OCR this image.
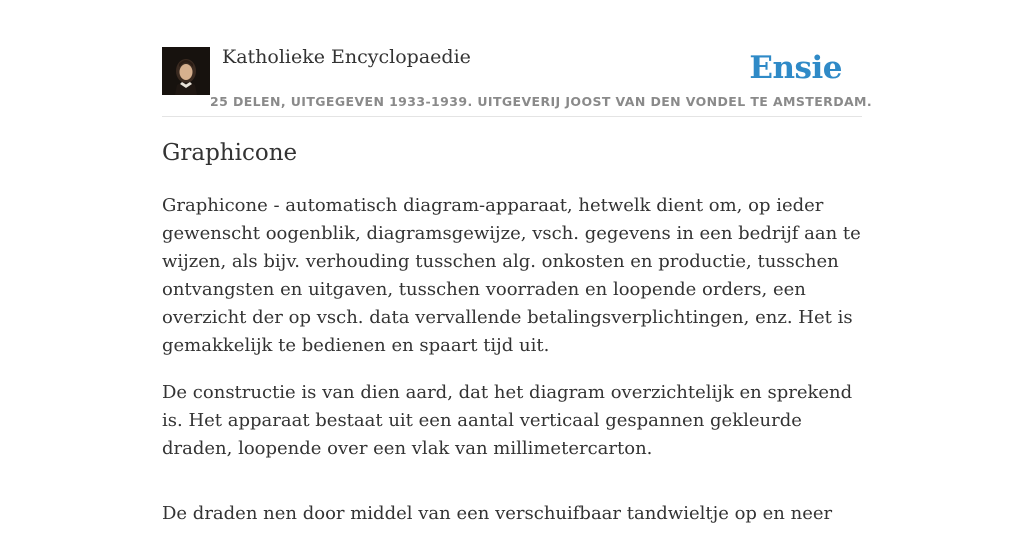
Katholieke Encyclopaedie
25 DELEN, UITGEGEVEN 1933-1939. UITGEVERIJ JOOST VAN DEN VONDEL TE AMSTERDAM.
Ensie
Graphicone

Graphicone - automatisch diagram-apparaat, hetwelk dient om, op ieder gewenscht oogenblik, diagramsgewijze, vsch. gegevens in een bedrijf aan te wijzen, als bijv. verhouding tusschen alg. onkosten en productie, tusschen ontvangsten en uitgaven, tusschen voorraden en loopende orders, een overzicht der op vsch. data vervallende betalingsverplichtingen, enz. Het is gemakkelijk te bedienen en spaart tijd uit.

De constructie is van dien aard, dat het diagram overzichtelijk en sprekend is. Het apparaat bestaat uit een aantal verticaal gespannen gekleurde draden, loopende over een vlak van millimetercarton.

De draden nen door middel van een verschuifbaar tandwieltje op en neer
